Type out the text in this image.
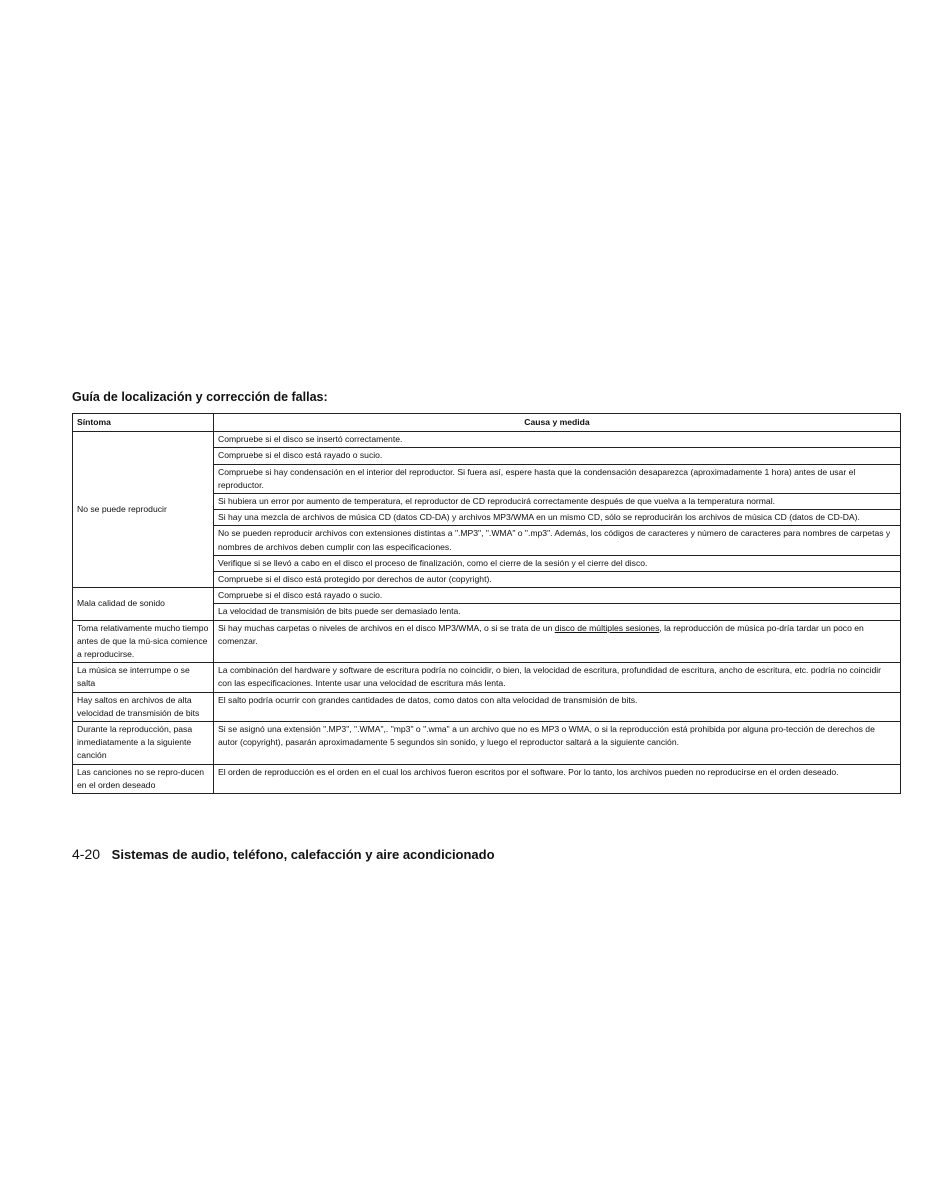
Guía de localización y corrección de fallas:
Síntoma	Causa y medida
No se puede reproducir	Compruebe si el disco se insertó correctamente.
	Compruebe si el disco está rayado o sucio.
	Compruebe si hay condensación en el interior del reproductor. Si fuera así, espere hasta que la condensación desaparezca (aproximadamente 1 hora) antes de usar el reproductor.
	Si hubiera un error por aumento de temperatura, el reproductor de CD reproducirá correctamente después de que vuelva a la temperatura normal.
	Si hay una mezcla de archivos de música CD (datos CD-DA) y archivos MP3/WMA en un mismo CD, sólo se reproducirán los archivos de música CD (datos de CD-DA).
	No se pueden reproducir archivos con extensiones distintas a ".MP3", ".WMA" o ".mp3". Además, los códigos de caracteres y número de caracteres para nombres de carpetas y nombres de archivos deben cumplir con las especificaciones.
	Verifique si se llevó a cabo en el disco el proceso de finalización, como el cierre de la sesión y el cierre del disco.
	Compruebe si el disco está protegido por derechos de autor (copyright).
Mala calidad de sonido	Compruebe si el disco está rayado o sucio.
	La velocidad de transmisión de bits puede ser demasiado lenta.
Toma relativamente mucho tiempo antes de que la mú-sica comience a reproducirse.	Si hay muchas carpetas o niveles de archivos en el disco MP3/WMA, o si se trata de un disco de múltiples sesiones, la reproducción de música po-dría tardar un poco en comenzar.
La música se interrumpe o se salta	La combinación del hardware y software de escritura podría no coincidir, o bien, la velocidad de escritura, profundidad de escritura, ancho de escritura, etc. podría no coincidir con las especificaciones. Intente usar una velocidad de escritura más lenta.
Hay saltos en archivos de alta velocidad de transmisión de bits	El salto podría ocurrir con grandes cantidades de datos, como datos con alta velocidad de transmisión de bits.
Durante la reproducción, pasa inmediatamente a la siguiente canción	Si se asignó una extensión ".MP3", ".WMA",. "mp3" o ".wma" a un archivo que no es MP3 o WMA, o si la reproducción está prohibida por alguna pro-tección de derechos de autor (copyright), pasarán aproximadamente 5 segundos sin sonido, y luego el reproductor saltará a la siguiente canción.
Las canciones no se repro-ducen en el orden deseado	El orden de reproducción es el orden en el cual los archivos fueron escritos por el software. Por lo tanto, los archivos pueden no reproducirse en el orden deseado.
4-20 Sistemas de audio, teléfono, calefacción y aire acondicionado
